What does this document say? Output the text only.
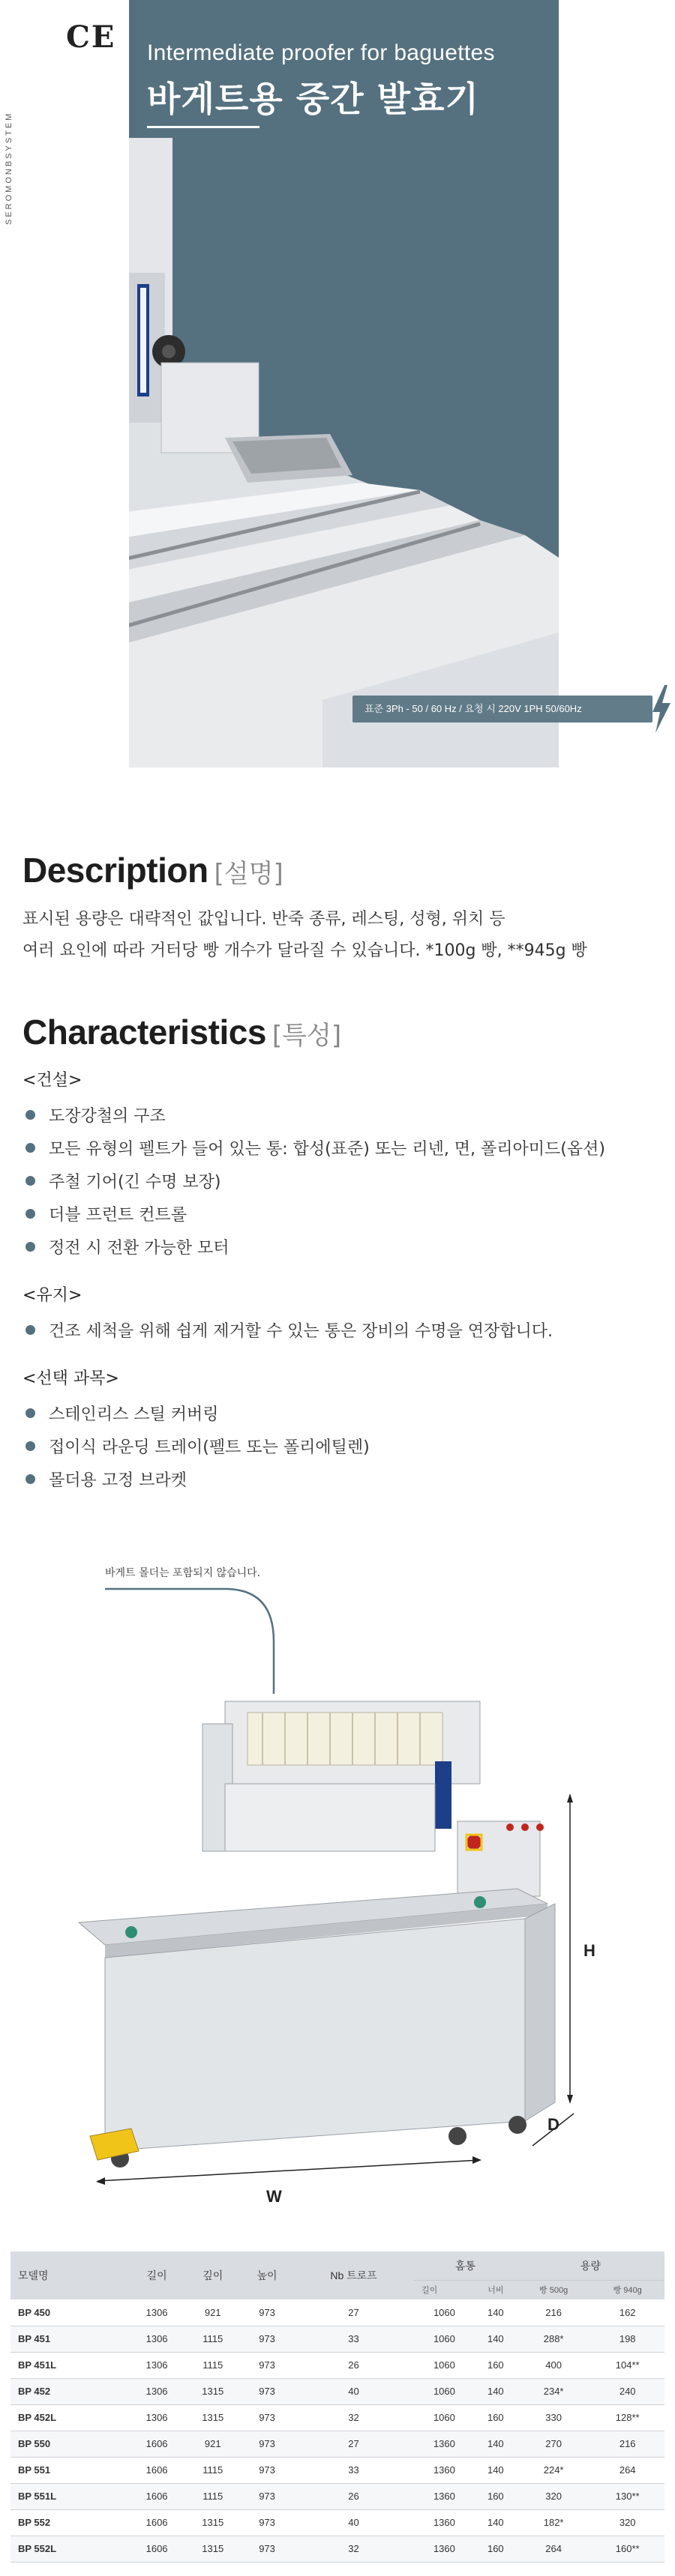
CE
SEROMONBSYSTEM
Intermediate proofer for baguettes
바게트용 중간 발효기
표준 3Ph - 50 / 60 Hz / 요청 시 220V 1PH 50/60Hz
Description [설명]
표시된 용량은 대략적인 값입니다. 반죽 종류, 레스팅, 성형, 위치 등
여러 요인에 따라 거터당 빵 개수가 달라질 수 있습니다. *100g 빵, **945g 빵
Characteristics [특성]
<건설>
도장강철의 구조
모든 유형의 펠트가 들어 있는 통: 합성(표준) 또는 리넨, 면, 폴리아미드(옵션)
주철 기어(긴 수명 보장)
더블 프런트 컨트롤
정전 시 전환 가능한 모터
<유지>
건조 세척을 위해 쉽게 제거할 수 있는 통은 장비의 수명을 연장합니다.
<선택 과목>
스테인리스 스틸 커버링
접이식 라운딩 트레이(펠트 또는 폴리에틸렌)
몰더용 고정 브라켓
바게트 몰더는 포함되지 않습니다.
H
D
W
모델명	길이	깊이	높이	Nb 트로프	홈통		용량	
					길이	너비	빵 500g	빵 940g
BP 450	1306	921	973	27	1060	140	216	162
BP 451	1306	1115	973	33	1060	140	288*	198
BP 451L	1306	1115	973	26	1060	160	400	104**
BP 452	1306	1315	973	40	1060	140	234*	240
BP 452L	1306	1315	973	32	1060	160	330	128**
BP 550	1606	921	973	27	1360	140	270	216
BP 551	1606	1115	973	33	1360	140	224*	264
BP 551L	1606	1115	973	26	1360	160	320	130**
BP 552	1606	1315	973	40	1360	140	182*	320
BP 552L	1606	1315	973	32	1360	160	264	160**
